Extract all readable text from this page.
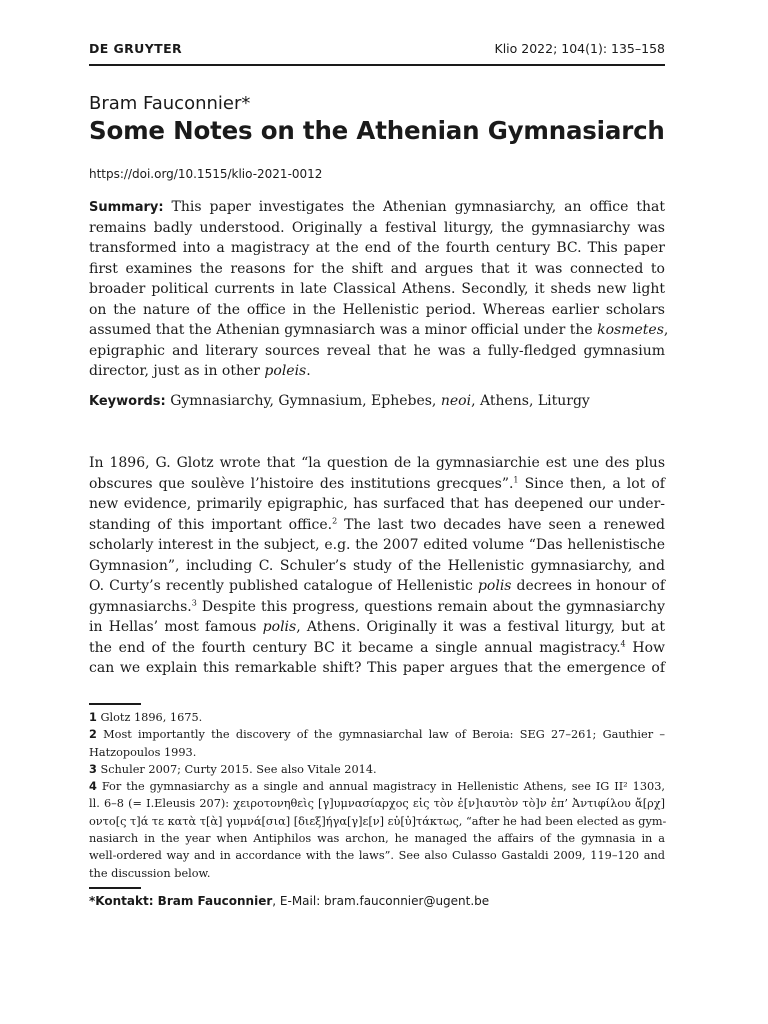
DE GRUYTER	Klio 2022; 104(1): 135–158
Bram Fauconnier*
Some Notes on the Athenian Gymnasiarch
https://doi.org/10.1515/klio-2021-0012
Summary: This paper investigates the Athenian gymnasiarchy, an office that
remains badly understood. Originally a festival liturgy, the gymnasiarchy was
transformed into a magistracy at the end of the fourth century BC. This paper
first examines the reasons for the shift and argues that it was connected to
broader political currents in late Classical Athens. Secondly, it sheds new light
on the nature of the office in the Hellenistic period. Whereas earlier scholars
assumed that the Athenian gymnasiarch was a minor official under the kosmetes,
epigraphic and literary sources reveal that he was a fully-fledged gymnasium
director, just as in other poleis.
Keywords: Gymnasiarchy, Gymnasium, Ephebes, neoi, Athens, Liturgy
In 1896, G. Glotz wrote that “la question de la gymnasiarchie est une des plus
obscures que soulève l’histoire des institutions grecques”.$^1$ Since then, a lot of
new evidence, primarily epigraphic, has surfaced that has deepened our under-
standing of this important office.$^2$ The last two decades have seen a renewed
scholarly interest in the subject, e.g. the 2007 edited volume “Das hellenistische
Gymnasion”, including C. Schuler’s study of the Hellenistic gymnasiarchy, and
O. Curty’s recently published catalogue of Hellenistic polis decrees in honour of
gymnasiarchs.$^3$ Despite this progress, questions remain about the gymnasiarchy
in Hellas’ most famous polis, Athens. Originally it was a festival liturgy, but at
the end of the fourth century BC it became a single annual magistracy.$^4$ How
can we explain this remarkable shift? This paper argues that the emergence of
1 Glotz 1896, 1675.
2 Most importantly the discovery of the gymnasiarchal law of Beroia: SEG 27–261; Gauthier –
Hatzopoulos 1993.
3 Schuler 2007; Curty 2015. See also Vitale 2014.
4 For the gymnasiarchy as a single and annual magistracy in Hellenistic Athens, see IG II² 1303,
ll. 6–8 (= I.Eleusis 207): χειροτονηθεὶς [γ]υμνασίαρχος εἰς τὸν ἐ[ν]ιαυτὸν τὸ]ν ἐπ’ Ἀντιφίλου ἄ[ρχ]
οντο[ς τ]ά τε κατὰ τ[ὰ] γυμνά[σια] [διεξ]ήγα[γ]ε[ν] εὐ[ὐ]τάκτως, “after he had been elected as gym-
nasiarch in the year when Antiphilos was archon, he managed the affairs of the gymnasia in a
well-ordered way and in accordance with the laws”. See also Culasso Gastaldi 2009, 119–120 and
the discussion below.
*Kontakt: Bram Fauconnier, E-Mail: bram.fauconnier@ugent.be
